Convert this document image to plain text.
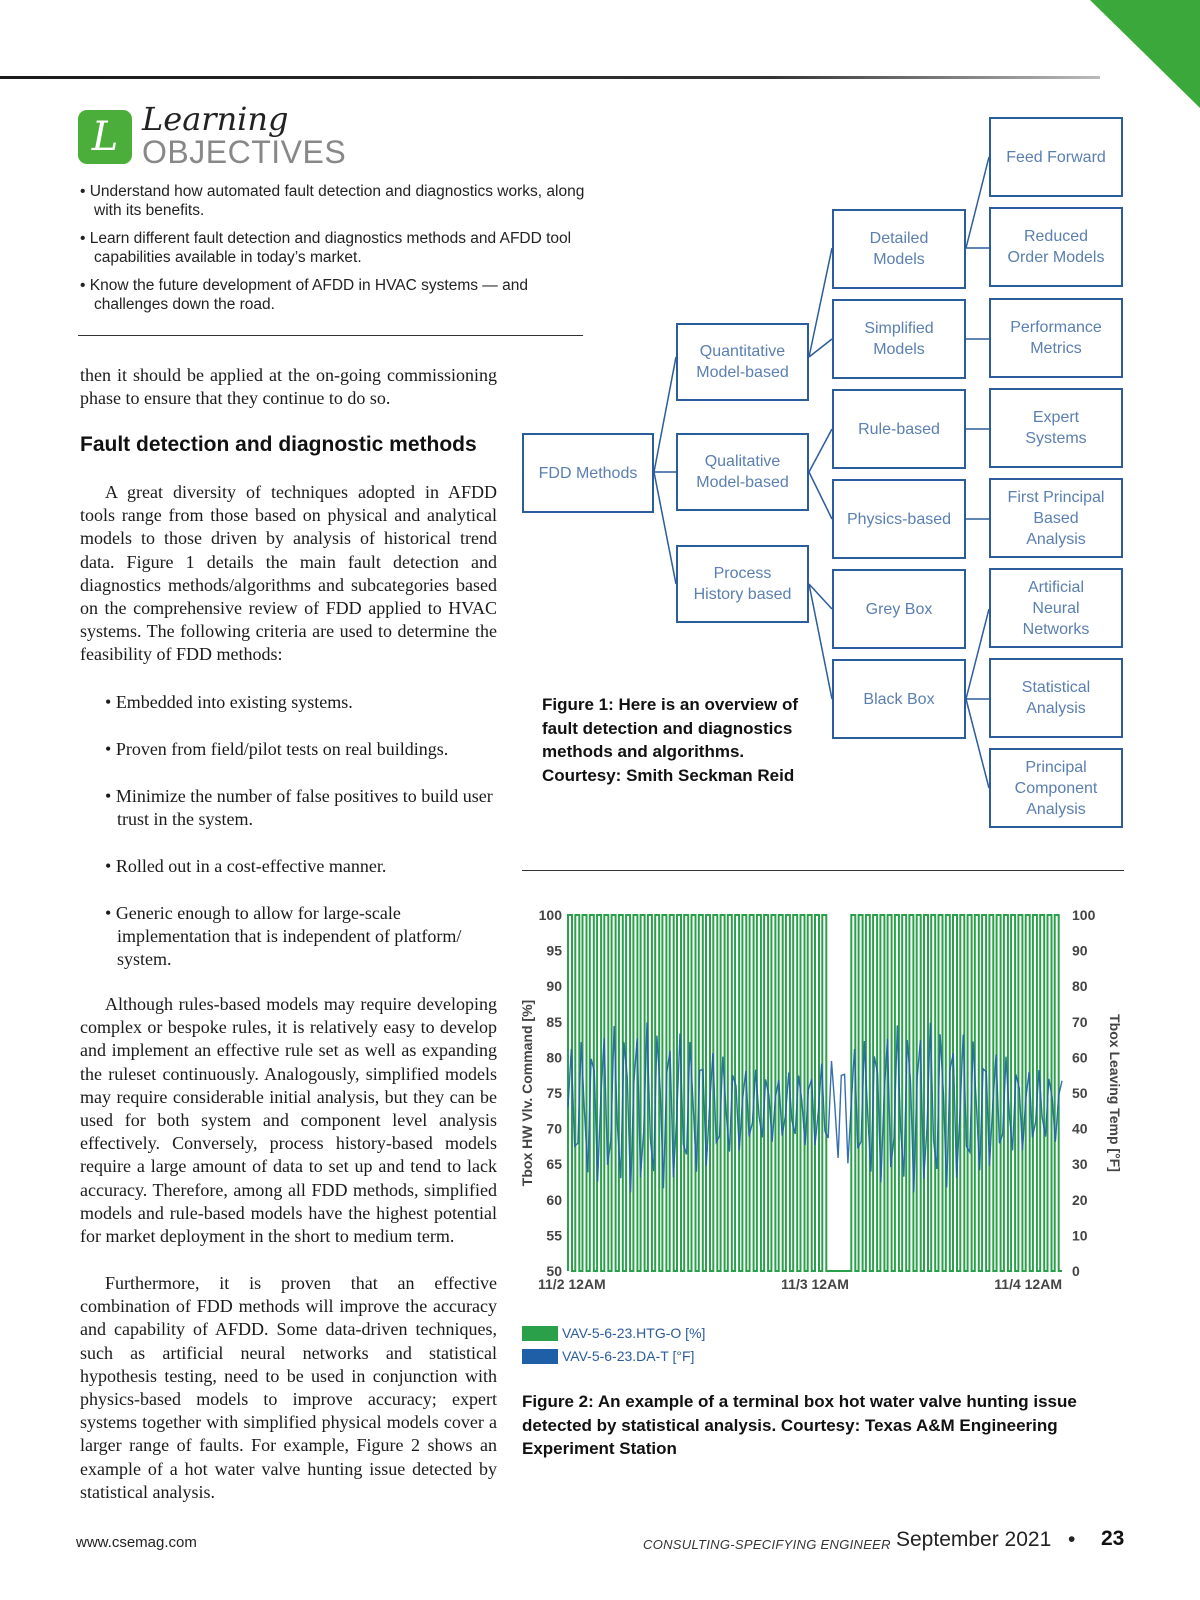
L Learning
OBJECTIVES
• Understand how automated fault detection and diagnostics works, along with its benefits.
• Learn different fault detection and diagnostics methods and AFDD tool capabilities available in today’s market.
• Know the future development of AFDD in HVAC systems — and challenges down the road.

then it should be applied at the on-going commissioning phase to ensure that they continue to do so.

Fault detection and diagnostic methods

A great diversity of techniques adopted in AFDD tools range from those based on physical and analytical models to those driven by analysis of historical trend data. Figure 1 details the main fault detection and diagnostics methods/algorithms and subcategories based on the comprehensive review of FDD applied to HVAC systems. The following criteria are used to determine the feasibility of FDD methods:

• Embedded into existing systems.
• Proven from field/pilot tests on real buildings.
• Minimize the number of false positives to build user trust in the system.
• Rolled out in a cost-effective manner.
• Generic enough to allow for large-scale implementation that is independent of platform/ system.

Although rules-based models may require developing complex or bespoke rules, it is relatively easy to develop and implement an effective rule set as well as expanding the ruleset continuously. Analogously, simplified models may require considerable initial analysis, but they can be used for both system and component level analysis effectively. Conversely, process history-based models require a large amount of data to set up and tend to lack accuracy. Therefore, among all FDD methods, simplified models and rule-based models have the highest potential for market deployment in the short to medium term.

Furthermore, it is proven that an effective combination of FDD methods will improve the accuracy and capability of AFDD. Some data-driven techniques, such as artificial neural networks and statistical hypothesis testing, need to be used in conjunction with physics-based models to improve accuracy; expert systems together with simplified physical models cover a larger range of faults. For example, Figure 2 shows an example of a hot water valve hunting issue detected by statistical analysis.

FDD Methods
Quantitative
Model-based
Qualitative
Model-based
Process
History based
Detailed
Models
Simplified
Models
Rule-based
Physics-based
Grey Box
Black Box
Feed Forward
Reduced
Order Models
Performance
Metrics
Expert
Systems
First Principal
Based
Analysis
Artificial
Neural
Networks
Statistical
Analysis
Principal
Component
Analysis
Figure 1: Here is an overview of fault detection and diagnostics methods and algorithms. Courtesy: Smith Seckman Reid
100
95
90
85
80
75
70
65
60
55
50
100
90
80
70
60
50
40
30
20
10
0
11/2 12AM	11/3 12AM	11/4 12AM
Tbox HW Vlv. Command [%]	Tbox Leaving Temp [°F]
VAV-5-6-23.HTG-O [%]
VAV-5-6-23.DA-T [°F]
Figure 2: An example of a terminal box hot water valve hunting issue detected by statistical analysis. Courtesy: Texas A&M Engineering Experiment Station
www.csemag.com	CONSULTING-SPECIFYING ENGINEER September 2021 • 23
